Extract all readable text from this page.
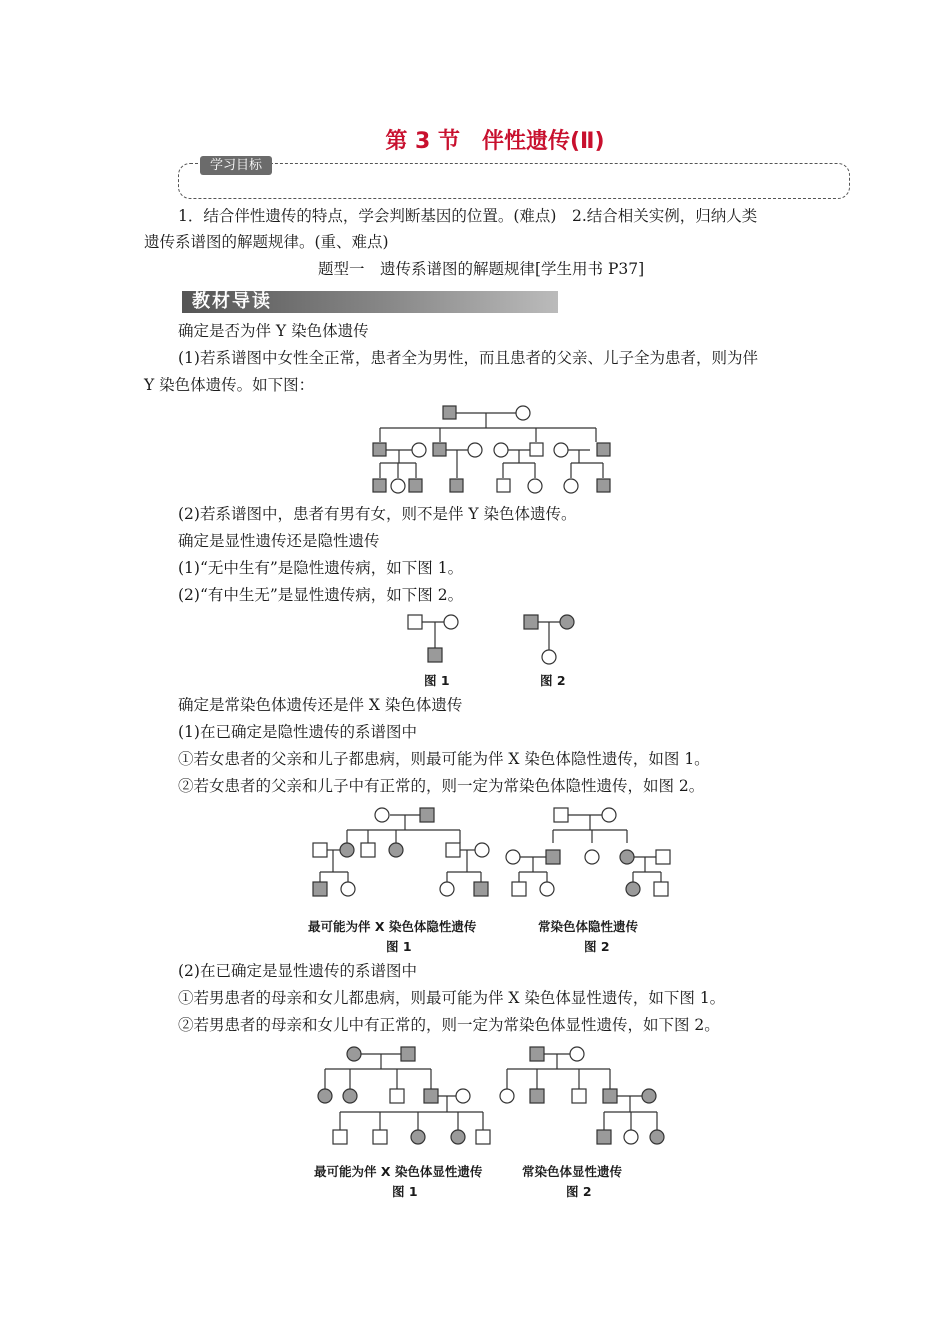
第 3 节　伴性遗传(Ⅱ)
学习目标
1．结合伴性遗传的特点，学会判断基因的位置。(难点)　2.结合相关实例，归纳人类
遗传系谱图的解题规律。(重、难点)
题型一　遗传系谱图的解题规律[学生用书 P37]
教材导读
确定是否为伴 Y 染色体遗传
(1)若系谱图中女性全正常，患者全为男性，而且患者的父亲、儿子全为患者，则为伴
Y 染色体遗传。如下图：
(2)若系谱图中，患者有男有女，则不是伴 Y 染色体遗传。
确定是显性遗传还是隐性遗传
(1)“无中生有”是隐性遗传病，如下图 1。
(2)“有中生无”是显性遗传病，如下图 2。
图 1	图 2
确定是常染色体遗传还是伴 X 染色体遗传
(1)在已确定是隐性遗传的系谱图中
①若女患者的父亲和儿子都患病，则最可能为伴 X 染色体隐性遗传，如图 1。
②若女患者的父亲和儿子中有正常的，则一定为常染色体隐性遗传，如图 2。
最可能为伴 X 染色体隐性遗传	常染色体隐性遗传
图 1	图 2
(2)在已确定是显性遗传的系谱图中
①若男患者的母亲和女儿都患病，则最可能为伴 X 染色体显性遗传，如下图 1。
②若男患者的母亲和女儿中有正常的，则一定为常染色体显性遗传，如下图 2。
最可能为伴 X 染色体显性遗传	常染色体显性遗传
图 1	图 2
